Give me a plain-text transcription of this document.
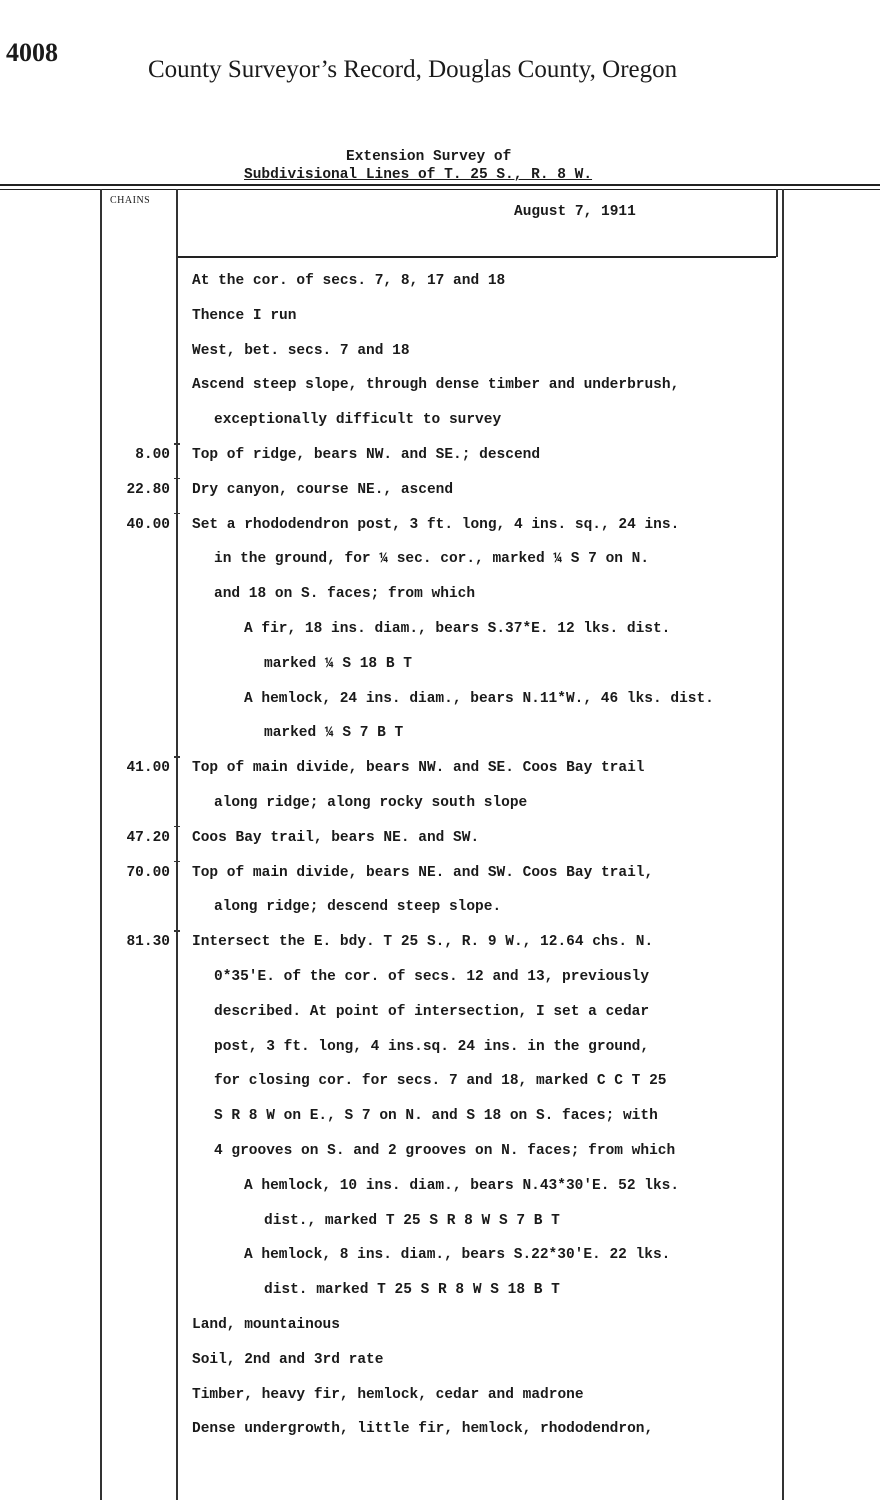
4008
County Surveyor’s Record, Douglas County, Oregon
Extension Survey of
Subdivisional Lines of T. 25 S., R. 8 W.
CHAINS
August 7, 1911
At the cor. of secs. 7, 8, 17 and 18
Thence I run
West, bet. secs. 7 and 18
Ascend steep slope, through dense timber and underbrush,
exceptionally difficult to survey
Top of ridge, bears NW. and SE.; descend
8.00
Dry canyon, course NE., ascend
22.80
Set a rhododendron post, 3 ft. long, 4 ins. sq., 24 ins.
40.00
in the ground, for ¼ sec. cor., marked ¼ S 7 on N.
and 18 on S. faces; from which
A fir, 18 ins. diam., bears S.37*E. 12 lks. dist.
marked ¼ S 18 B T
A hemlock, 24 ins. diam., bears N.11*W., 46 lks. dist.
marked ¼ S 7 B T
Top of main divide, bears NW. and SE. Coos Bay trail
41.00
along ridge; along rocky south slope
Coos Bay trail, bears NE. and SW.
47.20
Top of main divide, bears NE. and SW. Coos Bay trail,
70.00
along ridge; descend steep slope.
Intersect the E. bdy. T 25 S., R. 9 W., 12.64 chs. N.
81.30
0*35'E. of the cor. of secs. 12 and 13, previously
described. At point of intersection, I set a cedar
post, 3 ft. long, 4 ins.sq. 24 ins. in the ground,
for closing cor. for secs. 7 and 18, marked C C T 25
S R 8 W on E., S 7 on N. and S 18 on S. faces; with
4 grooves on S. and 2 grooves on N. faces; from which
A hemlock, 10 ins. diam., bears N.43*30'E. 52 lks.
dist., marked T 25 S R 8 W S 7 B T
A hemlock, 8 ins. diam., bears S.22*30'E. 22 lks.
dist. marked T 25 S R 8 W S 18 B T
Land, mountainous
Soil, 2nd and 3rd rate
Timber, heavy fir, hemlock, cedar and madrone
Dense undergrowth, little fir, hemlock, rhododendron,
